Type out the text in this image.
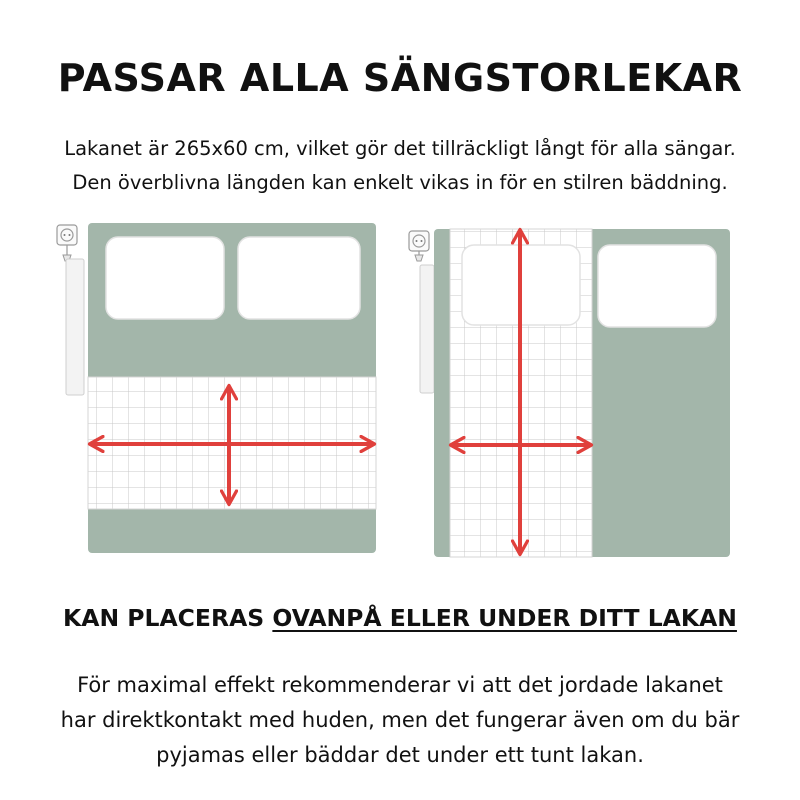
PASSAR ALLA SÄNGSTORLEKAR

Lakanet är 265x60 cm, vilket gör det tillräckligt långt för alla sängar.

Den överblivna längden kan enkelt vikas in för en stilren bäddning.

KAN PLACERAS OVANPÅ ELLER UNDER DITT LAKAN
För maximal effekt rekommenderar vi att det jordade lakanet
har direktkontakt med huden, men det fungerar även om du bär
pyjamas eller bäddar det under ett tunt lakan.
